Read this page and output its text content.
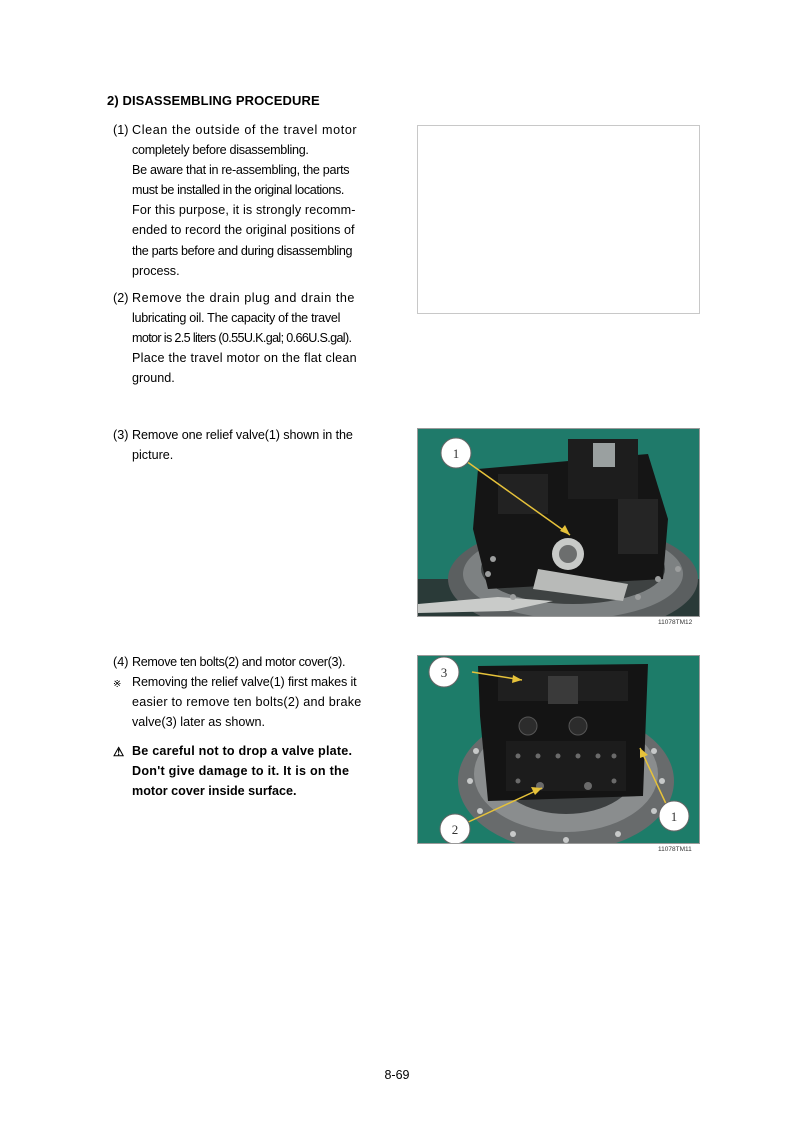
2) DISASSEMBLING PROCEDURE
(1) Clean the outside of the travel motor
completely before disassembling.
Be aware that in re-assembling, the parts
must be installed in the original locations.
For this purpose, it is strongly recomm-
ended to record the original positions of
the parts before and during disassembling
process.
(2) Remove the drain plug and drain the
lubricating oil. The capacity of the travel
motor is 2.5 liters (0.55U.K.gal; 0.66U.S.gal).
Place the travel motor on the flat clean
ground.
(3) Remove one relief valve(1) shown in the
picture.	1
11078TM12
(4) Remove ten bolts(2) and motor cover(3).
※ Removing the relief valve(1) first makes it
easier to remove ten bolts(2) and brake
valve(3) later as shown.
⚠ Be careful not to drop a valve plate.
Don't give damage to it. It is on the
motor cover inside surface.
3
2
1
11078TM11
8-69
